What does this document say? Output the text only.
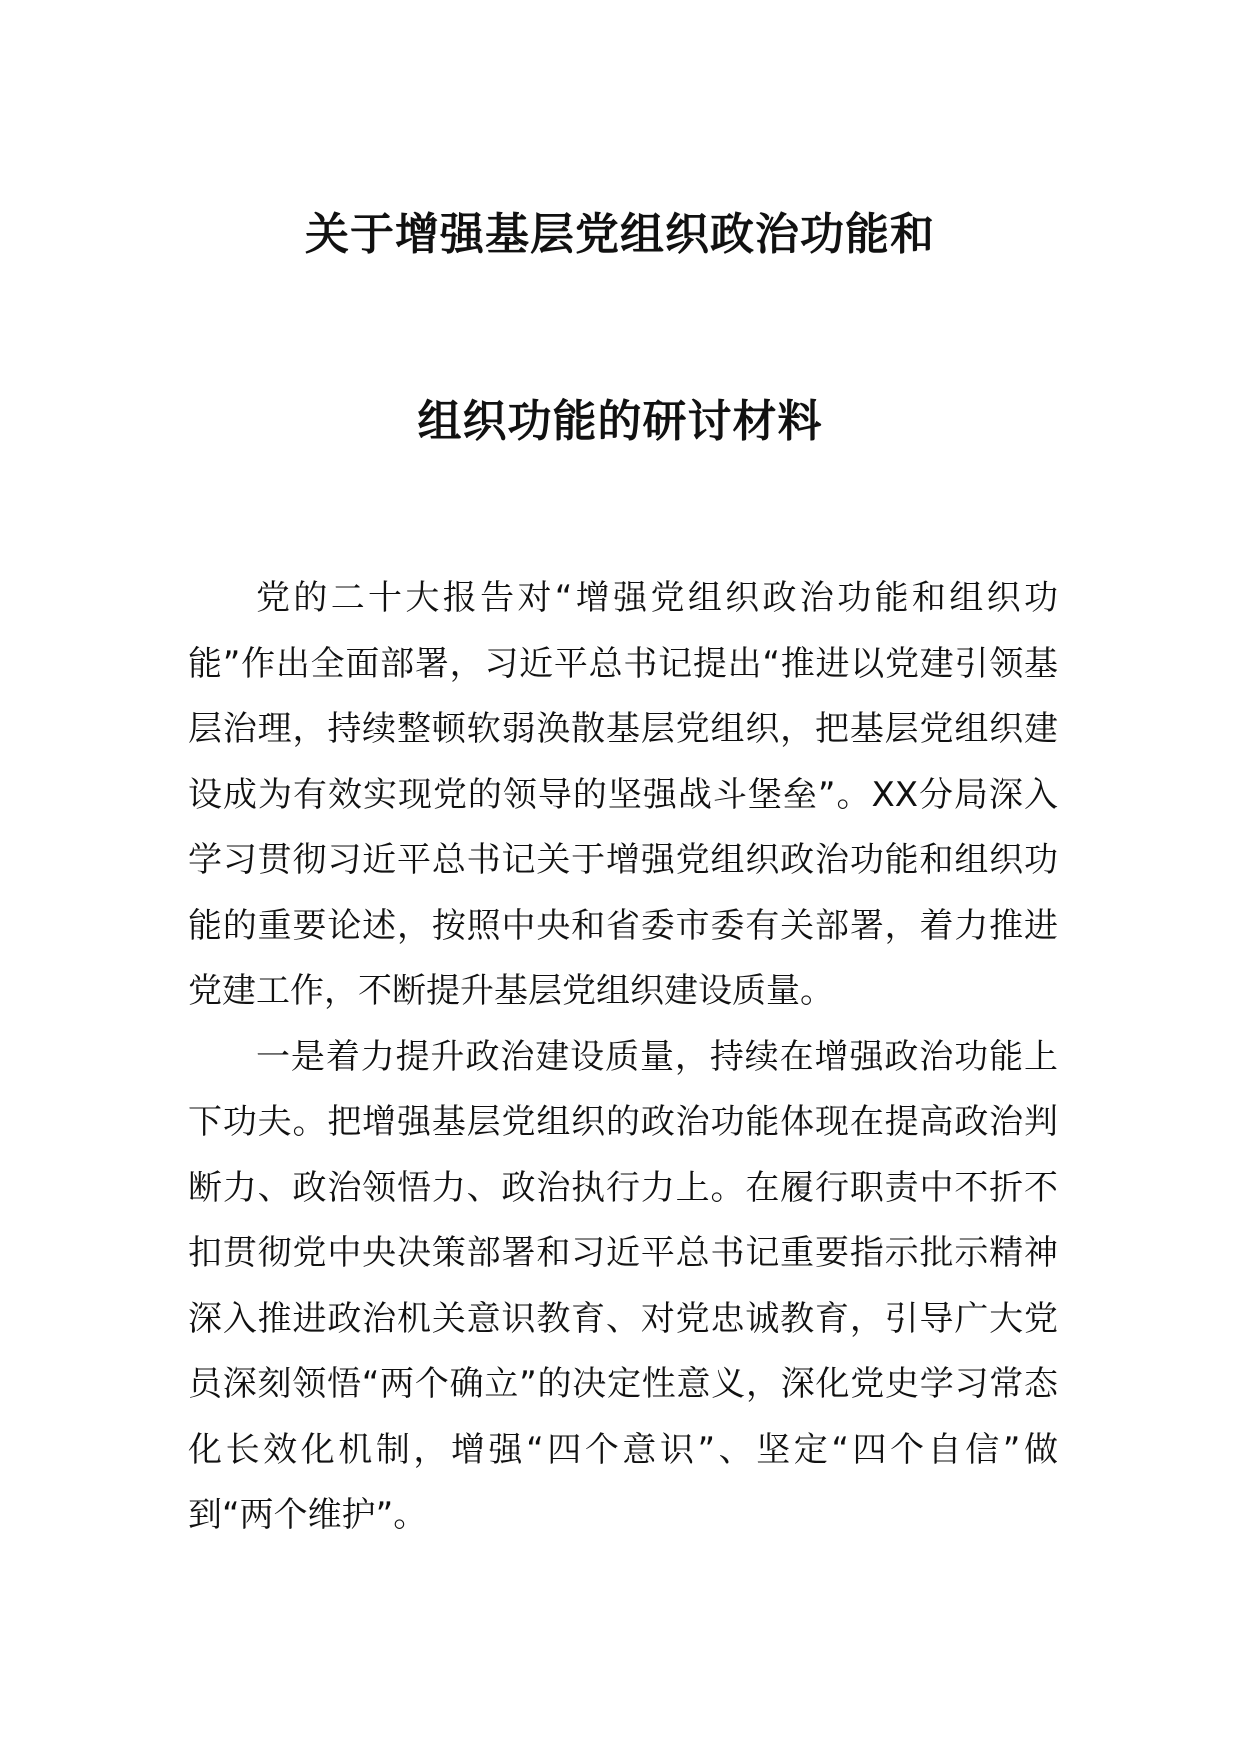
关于增强基层党组织政治功能和
组织功能的研讨材料

党的二十大报告对“增强党组织政治功能和组织功能”作出全面部署，习近平总书记提出“推进以党建引领基层治理，持续整顿软弱涣散基层党组织，把基层党组织建设成为有效实现党的领导的坚强战斗堡垒”。XX分局深入学习贯彻习近平总书记关于增强党组织政治功能和组织功能的重要论述，按照中央和省委市委有关部署，着力推进党建工作，不断提升基层党组织建设质量。

一是着力提升政治建设质量，持续在增强政治功能上下功夫。把增强基层党组织的政治功能体现在提高政治判断力、政治领悟力、政治执行力上。在履行职责中不折不扣贯彻党中央决策部署和习近平总书记重要指示批示精神深入推进政治机关意识教育、对党忠诚教育，引导广大党员深刻领悟“两个确立”的决定性意义，深化党史学习常态化长效化机制，增强“四个意识”、坚定“四个自信”做到“两个维护”。
